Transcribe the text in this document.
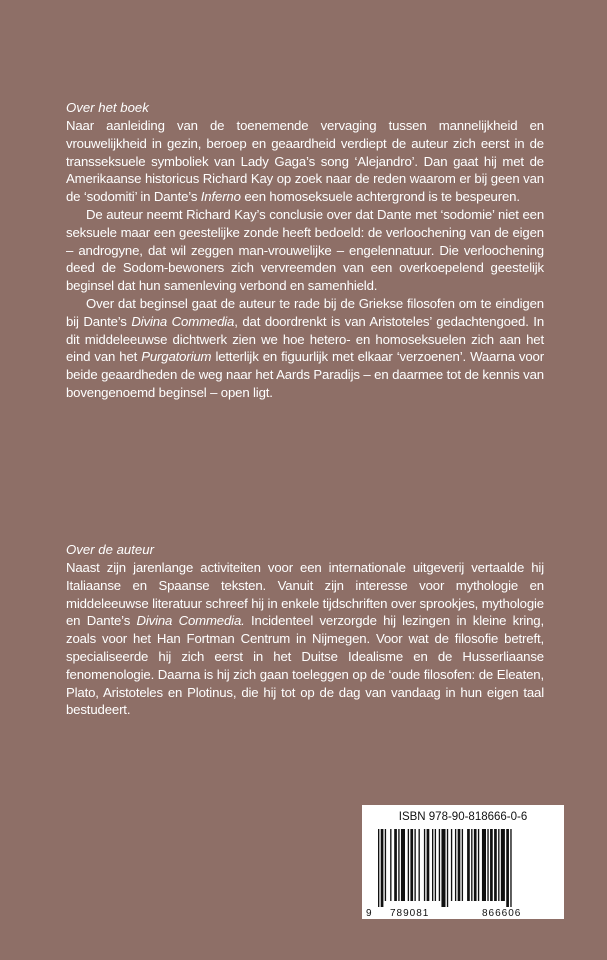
Over het boek

Naar aanleiding van de toenemende vervaging tussen mannelijkheid en vrouwelijkheid in gezin, beroep en geaardheid verdiept de auteur zich eerst in de transseksuele symboliek van Lady Gaga’s song ‘Alejandro’. Dan gaat hij met de Amerikaanse historicus Richard Kay op zoek naar de reden waarom er bij geen van de ‘sodomiti’ in Dante’s Inferno een homoseksuele achtergrond is te bespeuren.

De auteur neemt Richard Kay’s conclusie over dat Dante met ‘sodomie’ niet een seksuele maar een geestelijke zonde heeft bedoeld: de verloochening van de eigen – androgyne, dat wil zeggen man-vrouwelijke – engelennatuur. Die verloochening deed de Sodom-bewoners zich vervreemden van een overkoepelend geestelijk beginsel dat hun samenleving verbond en samenhield.

Over dat beginsel gaat de auteur te rade bij de Griekse filosofen om te eindigen bij Dante’s Divina Commedia, dat doordrenkt is van Aristoteles’ gedachtengoed. In dit middeleeuwse dichtwerk zien we hoe hetero- en homoseksuelen zich aan het eind van het Purgatorium letterlijk en figuurlijk met elkaar ‘verzoenen’. Waarna voor beide geaardheden de weg naar het Aards Paradijs – en daarmee tot de kennis van bovengenoemd beginsel – open ligt.

Over de auteur

Naast zijn jarenlange activiteiten voor een internationale uitgeverij vertaalde hij Italiaanse en Spaanse teksten. Vanuit zijn interesse voor mythologie en middeleeuwse literatuur schreef hij in enkele tijdschriften over sprookjes, mythologie en Dante’s Divina Commedia. Incidenteel verzorgde hij lezingen in kleine kring, zoals voor het Han Fortman Centrum in Nijmegen. Voor wat de filosofie betreft, specialiseerde hij zich eerst in het Duitse Idealisme en de Husserliaanse fenomenologie. Daarna is hij zich gaan toeleggen op de ‘oude filosofen: de Eleaten, Plato, Aristoteles en Plotinus, die hij tot op de dag van vandaag in hun eigen taal bestudeert.

ISBN 978-90-818666-0-6
9 789081	866606
